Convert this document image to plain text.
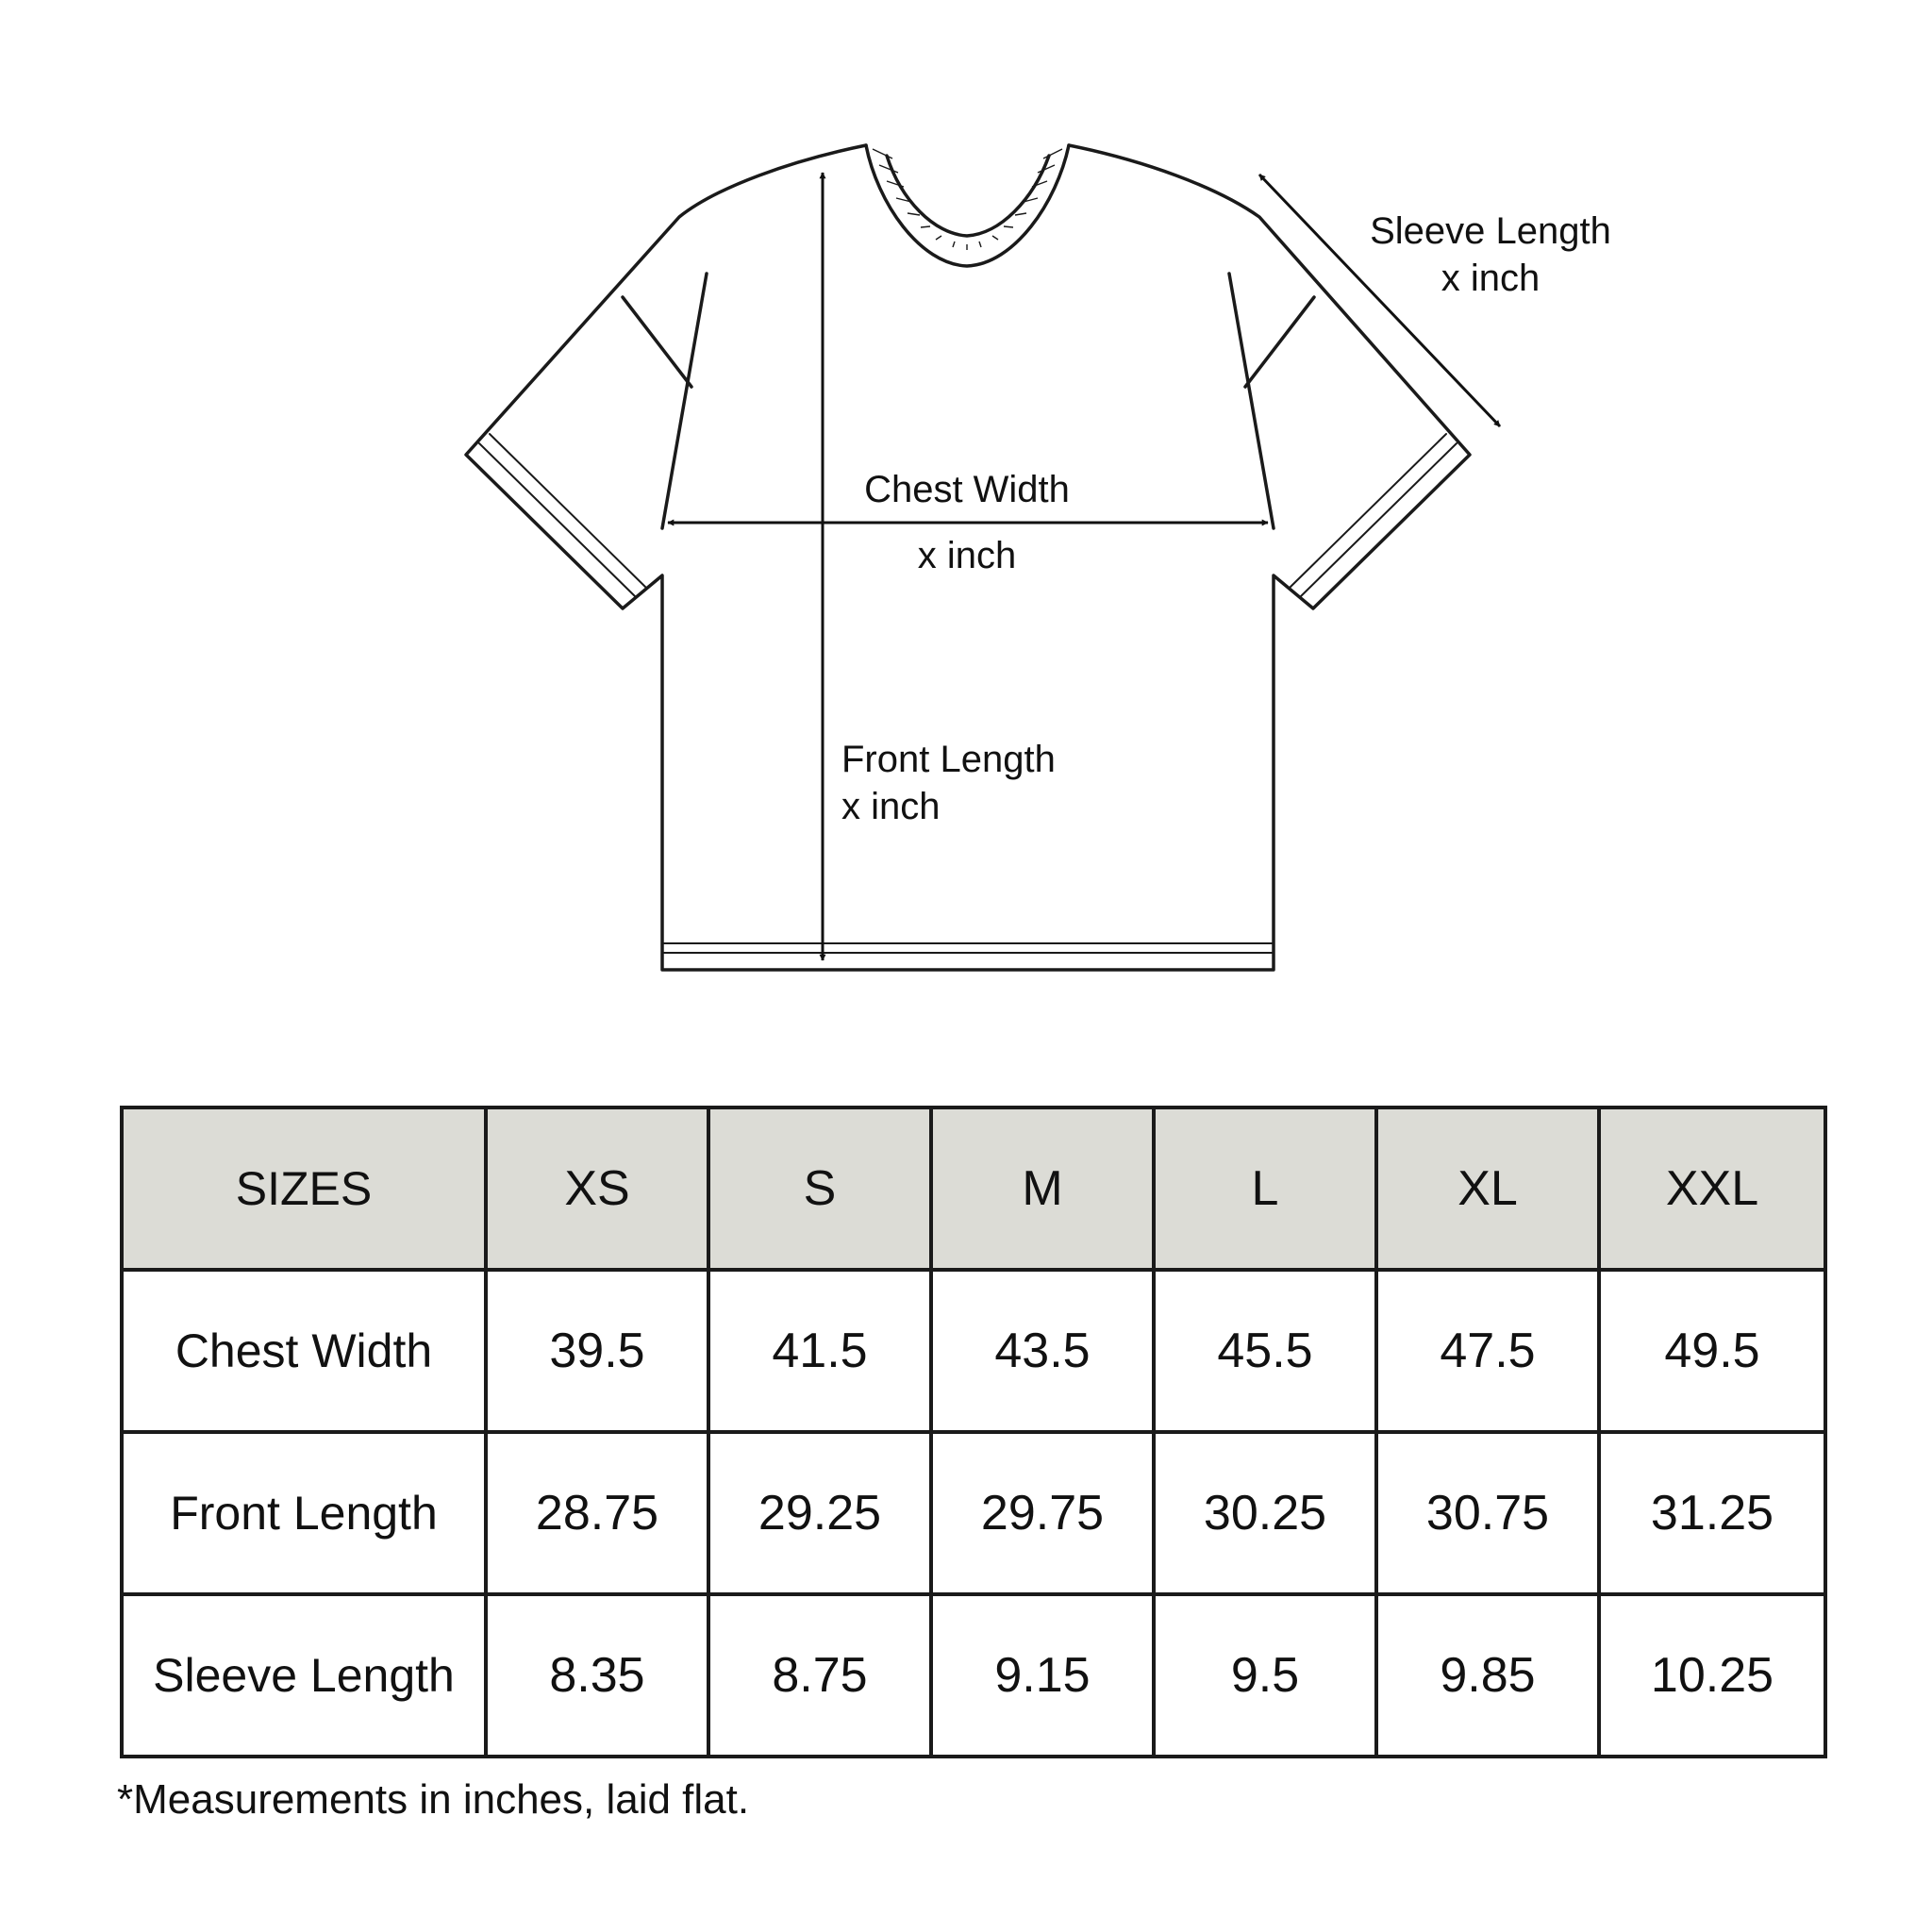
Chest Width
x inch
Front Length
x inch
Sleeve Length
x inch
SIZES	XS	S	M	L	XL	XXL
Chest Width	39.5	41.5	43.5	45.5	47.5	49.5
Front Length	28.75	29.25	29.75	30.25	30.75	31.25
Sleeve Length	8.35	8.75	9.15	9.5	9.85	10.25
*Measurements in inches, laid flat.
